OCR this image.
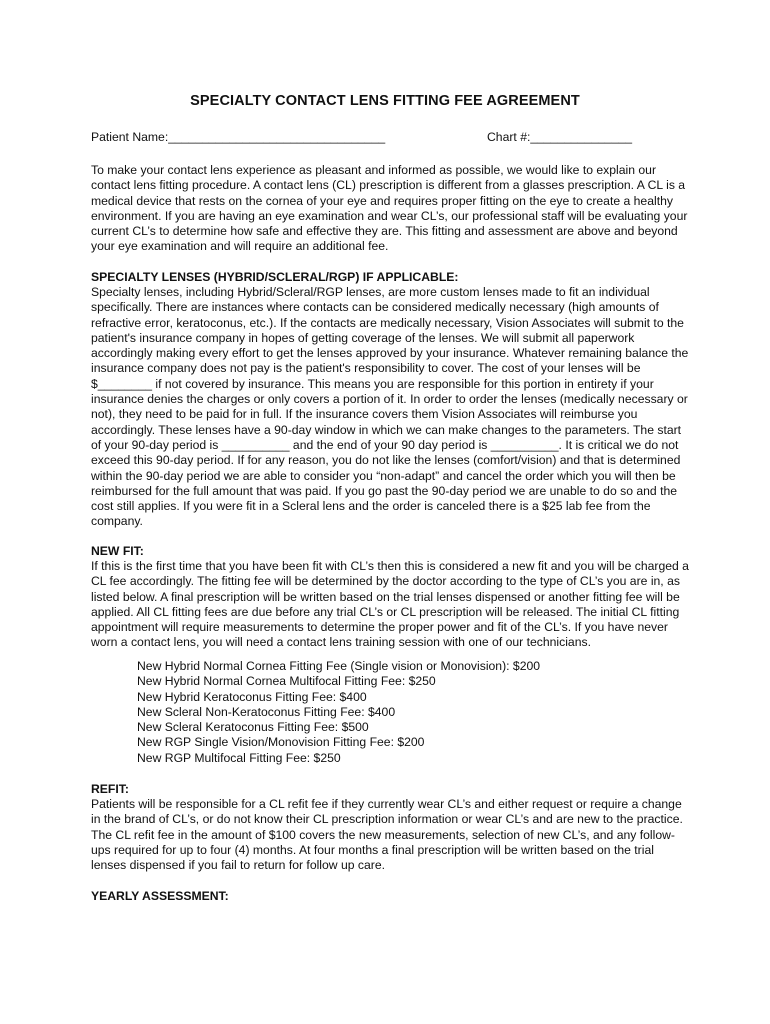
SPECIALTY CONTACT LENS FITTING FEE AGREEMENT
Patient Name:________________________________	Chart #:_______________

To make your contact lens experience as pleasant and informed as possible, we would like to explain our contact lens fitting procedure. A contact lens (CL) prescription is different from a glasses prescription. A CL is a medical device that rests on the cornea of your eye and requires proper fitting on the eye to create a healthy environment. If you are having an eye examination and wear CL’s, our professional staff will be evaluating your current CL’s to determine how safe and effective they are. This fitting and assessment are above and beyond your eye examination and will require an additional fee.

SPECIALTY LENSES (HYBRID/SCLERAL/RGP) IF APPLICABLE:

Specialty lenses, including Hybrid/Scleral/RGP lenses, are more custom lenses made to fit an individual specifically. There are instances where contacts can be considered medically necessary (high amounts of refractive error, keratoconus, etc.). If the contacts are medically necessary, Vision Associates will submit to the patient's insurance company in hopes of getting coverage of the lenses. We will submit all paperwork accordingly making every effort to get the lenses approved by your insurance. Whatever remaining balance the insurance company does not pay is the patient's responsibility to cover. The cost of your lenses will be $________ if not covered by insurance. This means you are responsible for this portion in entirety if your insurance denies the charges or only covers a portion of it. In order to order the lenses (medically necessary or not), they need to be paid for in full. If the insurance covers them Vision Associates will reimburse you accordingly. These lenses have a 90-day window in which we can make changes to the parameters. The start of your 90-day period is __________ and the end of your 90 day period is __________. It is critical we do not exceed this 90-day period. If for any reason, you do not like the lenses (comfort/vision) and that is determined within the 90-day period we are able to consider you “non-adapt” and cancel the order which you will then be reimbursed for the full amount that was paid. If you go past the 90-day period we are unable to do so and the cost still applies. If you were fit in a Scleral lens and the order is canceled there is a $25 lab fee from the company.

NEW FIT:

If this is the first time that you have been fit with CL’s then this is considered a new fit and you will be charged a CL fee accordingly. The fitting fee will be determined by the doctor according to the type of CL’s you are in, as listed below. A final prescription will be written based on the trial lenses dispensed or another fitting fee will be applied. All CL fitting fees are due before any trial CL’s or CL prescription will be released. The initial CL fitting appointment will require measurements to determine the proper power and fit of the CL’s. If you have never worn a contact lens, you will need a contact lens training session with one of our technicians.

New Hybrid Normal Cornea Fitting Fee (Single vision or Monovision): $200
New Hybrid Normal Cornea Multifocal Fitting Fee: $250
New Hybrid Keratoconus Fitting Fee: $400
New Scleral Non-Keratoconus Fitting Fee: $400
New Scleral Keratoconus Fitting Fee: $500
New RGP Single Vision/Monovision Fitting Fee: $200
New RGP Multifocal Fitting Fee: $250
REFIT:

Patients will be responsible for a CL refit fee if they currently wear CL’s and either request or require a change in the brand of CL’s, or do not know their CL prescription information or wear CL’s and are new to the practice. The CL refit fee in the amount of $100 covers the new measurements, selection of new CL’s, and any follow-ups required for up to four (4) months. At four months a final prescription will be written based on the trial lenses dispensed if you fail to return for follow up care.

YEARLY ASSESSMENT:
